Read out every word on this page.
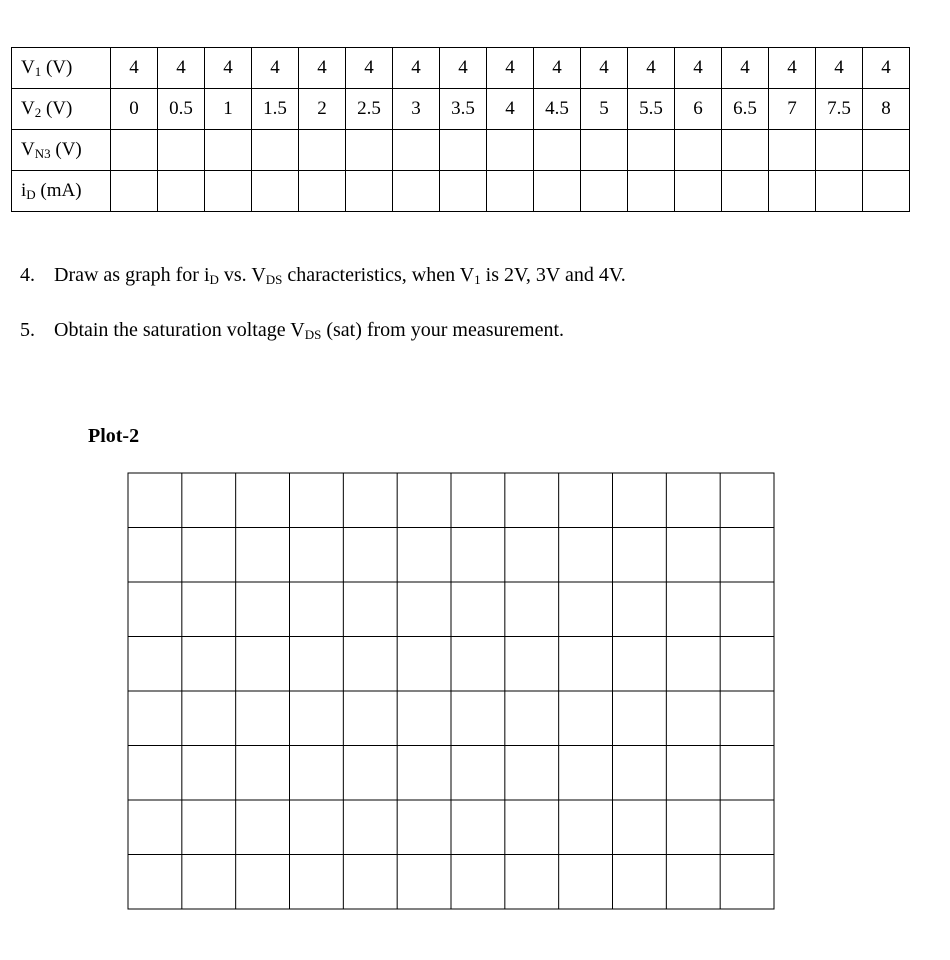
$V_1$ (V)	4	4	4	4	4	4	4	4	4	4	4	4	4	4	4	4	4
$V_2$ (V)	0	0.5	1	1.5	2	2.5	3	3.5	4	4.5	5	5.5	6	6.5	7	7.5	8
$V_{N3}$ (V)																	
$i_D$ (mA)																	
4. Draw as graph for $i_D$ vs. $V_{DS}$ characteristics, when $V_1$ is 2V, 3V and 4V.
5. Obtain the saturation voltage $V_{DS}$ (sat) from your measurement.
Plot-2
